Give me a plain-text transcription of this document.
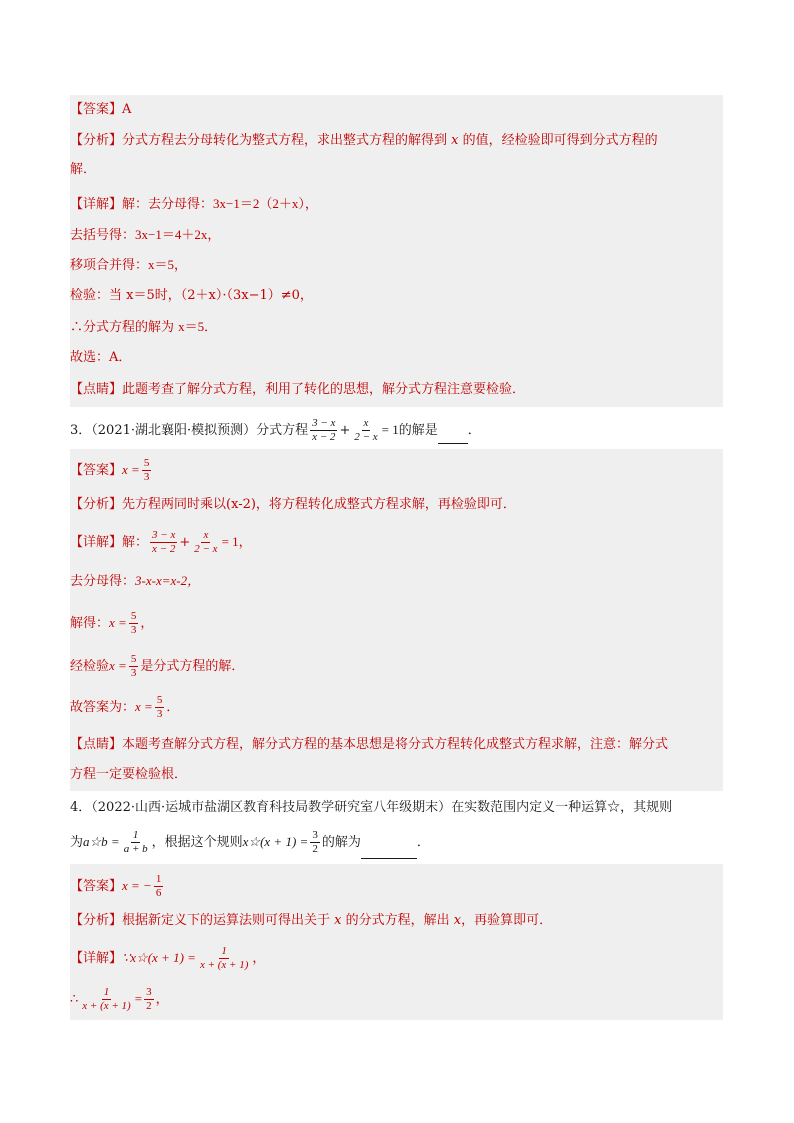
【答案】A
【分析】分式方程去分母转化为整式方程，求出整式方程的解得到 x 的值，经检验即可得到分式方程的
解．
【详解】解：去分母得：3x−1＝2（2＋x），
去括号得：3x−1＝4＋2x，
移项合并得：x＝5，
检验：当 x＝5时，（2＋x）·（3x−1）≠0，
∴分式方程的解为 x＝5．
故选：A．
【点睛】此题考查了解分式方程，利用了转化的思想，解分式方程注意要检验．
3．（2021·湖北襄阳·模拟预测）分式方程 $\frac{3 - x}{x - 2} + \frac{x}{2 - x} = 1$的解是 ．
【答案】$x = \frac{5}{3}$
【分析】先方程两同时乘以(x-2)，将方程转化成整式方程求解，再检验即可．
【详解】解： $\frac{3 - x}{x - 2} + \frac{x}{2 - x} = 1$，
去分母得：3-x-x=x-2，
解得：$x = \frac{5}{3}$ ，
经检验$x = \frac{5}{3}$ 是分式方程的解．
故答案为：$x = \frac{5}{3}$ ．
【点睛】本题考查解分式方程，解分式方程的基本思想是将分式方程转化成整式方程求解，注意：解分式
方程一定要检验根．
4．（2022·山西·运城市盐湖区教育科技局教学研究室八年级期末）在实数范围内定义一种运算☆，其规则
为a☆b = $\frac{1}{a + b}$ ，根据这个规则x☆(x + $1) = \frac{3}{2}$ 的解为	．
【答案】x = − $\frac{1}{6}$
【分析】根据新定义下的运算法则可得出关于 x 的分式方程，解出 x，再验算即可．
【详解】∵x☆(x + $1) = \frac{1}{x + (x + 1)}$ ，
∴ $\frac{1}{x + (x + 1)} = \frac{3}{2}$ ，
